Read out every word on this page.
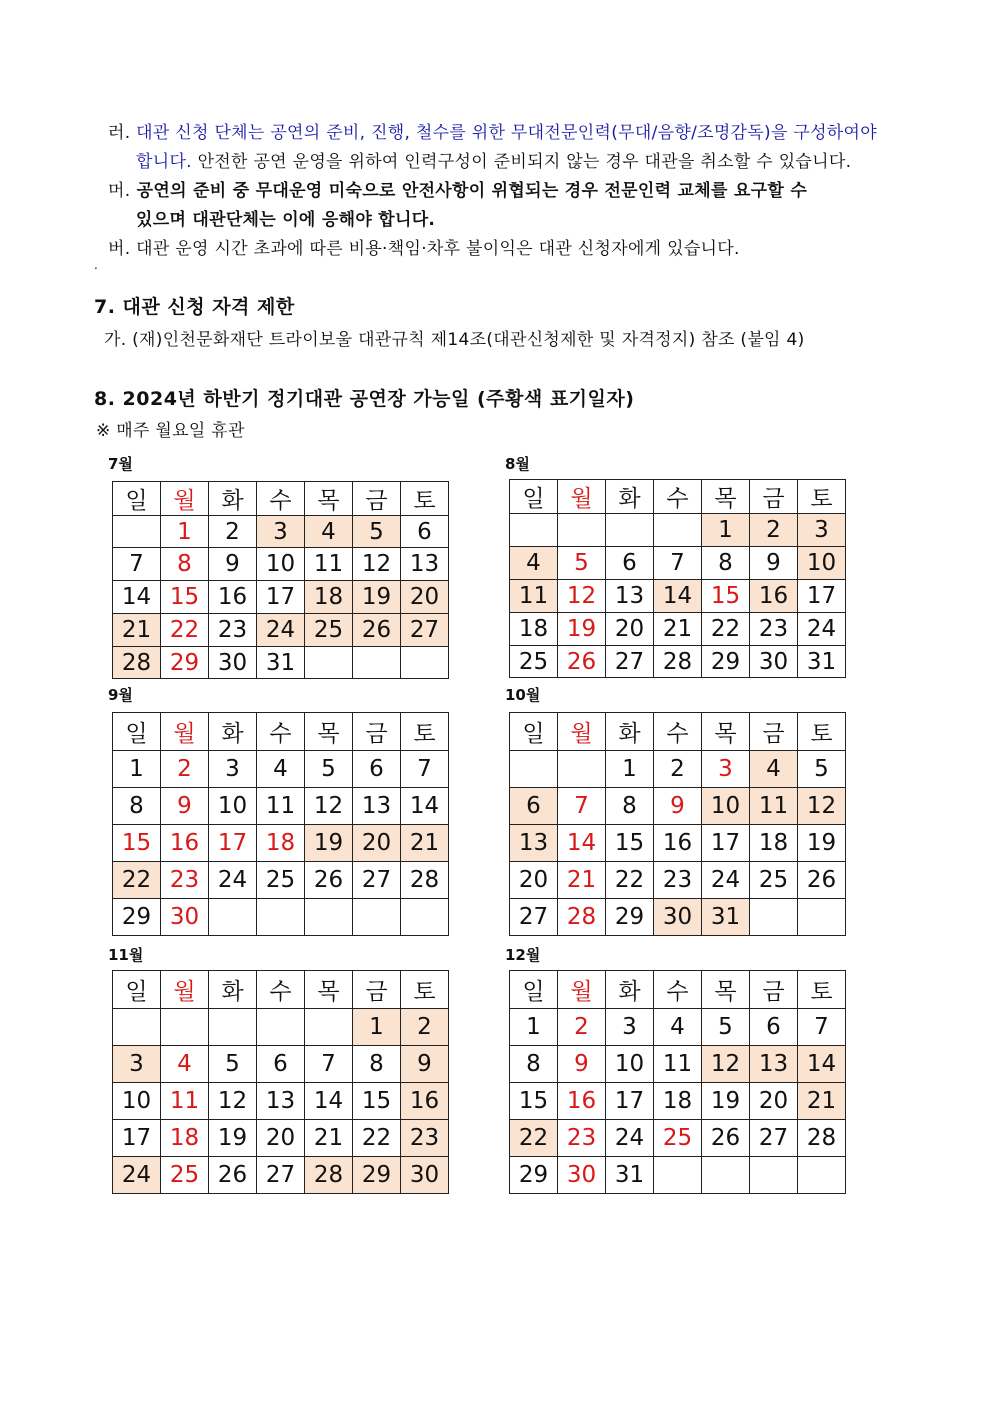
러. 대관 신청 단체는 공연의 준비, 진행, 철수를 위한 무대전문인력(무대/음향/조명감독)을 구성하여야
합니다. 안전한 공연 운영을 위하여 인력구성이 준비되지 않는 경우 대관을 취소할 수 있습니다.
머. 공연의 준비 중 무대운영 미숙으로 안전사항이 위협되는 경우 전문인력 교체를 요구할 수
있으며 대관단체는 이에 응해야 합니다.
버. 대관 운영 시간 초과에 따른 비용·책임·차후 불이익은 대관 신청자에게 있습니다.
.
7. 대관 신청 자격 제한
가. (재)인천문화재단 트라이보울 대관규칙 제14조(대관신청제한 및 자격정지) 참조 (붙임 4)
8. 2024년 하반기 정기대관 공연장 가능일 (주황색 표기일자)
※ 매주 월요일 휴관
7월
일	월	화	수	목	금	토
	1	2	3	4	5	6
7	8	9	10	11	12	13
14	15	16	17	18	19	20
21	22	23	24	25	26	27
28	29	30	31			
8월
일	월	화	수	목	금	토
				1	2	3
4	5	6	7	8	9	10
11	12	13	14	15	16	17
18	19	20	21	22	23	24
25	26	27	28	29	30	31
9월
일	월	화	수	목	금	토
1	2	3	4	5	6	7
8	9	10	11	12	13	14
15	16	17	18	19	20	21
22	23	24	25	26	27	28
29	30					
10월
일	월	화	수	목	금	토
		1	2	3	4	5
6	7	8	9	10	11	12
13	14	15	16	17	18	19
20	21	22	23	24	25	26
27	28	29	30	31		
11월
일	월	화	수	목	금	토
					1	2
3	4	5	6	7	8	9
10	11	12	13	14	15	16
17	18	19	20	21	22	23
24	25	26	27	28	29	30
12월
일	월	화	수	목	금	토
1	2	3	4	5	6	7
8	9	10	11	12	13	14
15	16	17	18	19	20	21
22	23	24	25	26	27	28
29	30	31				
